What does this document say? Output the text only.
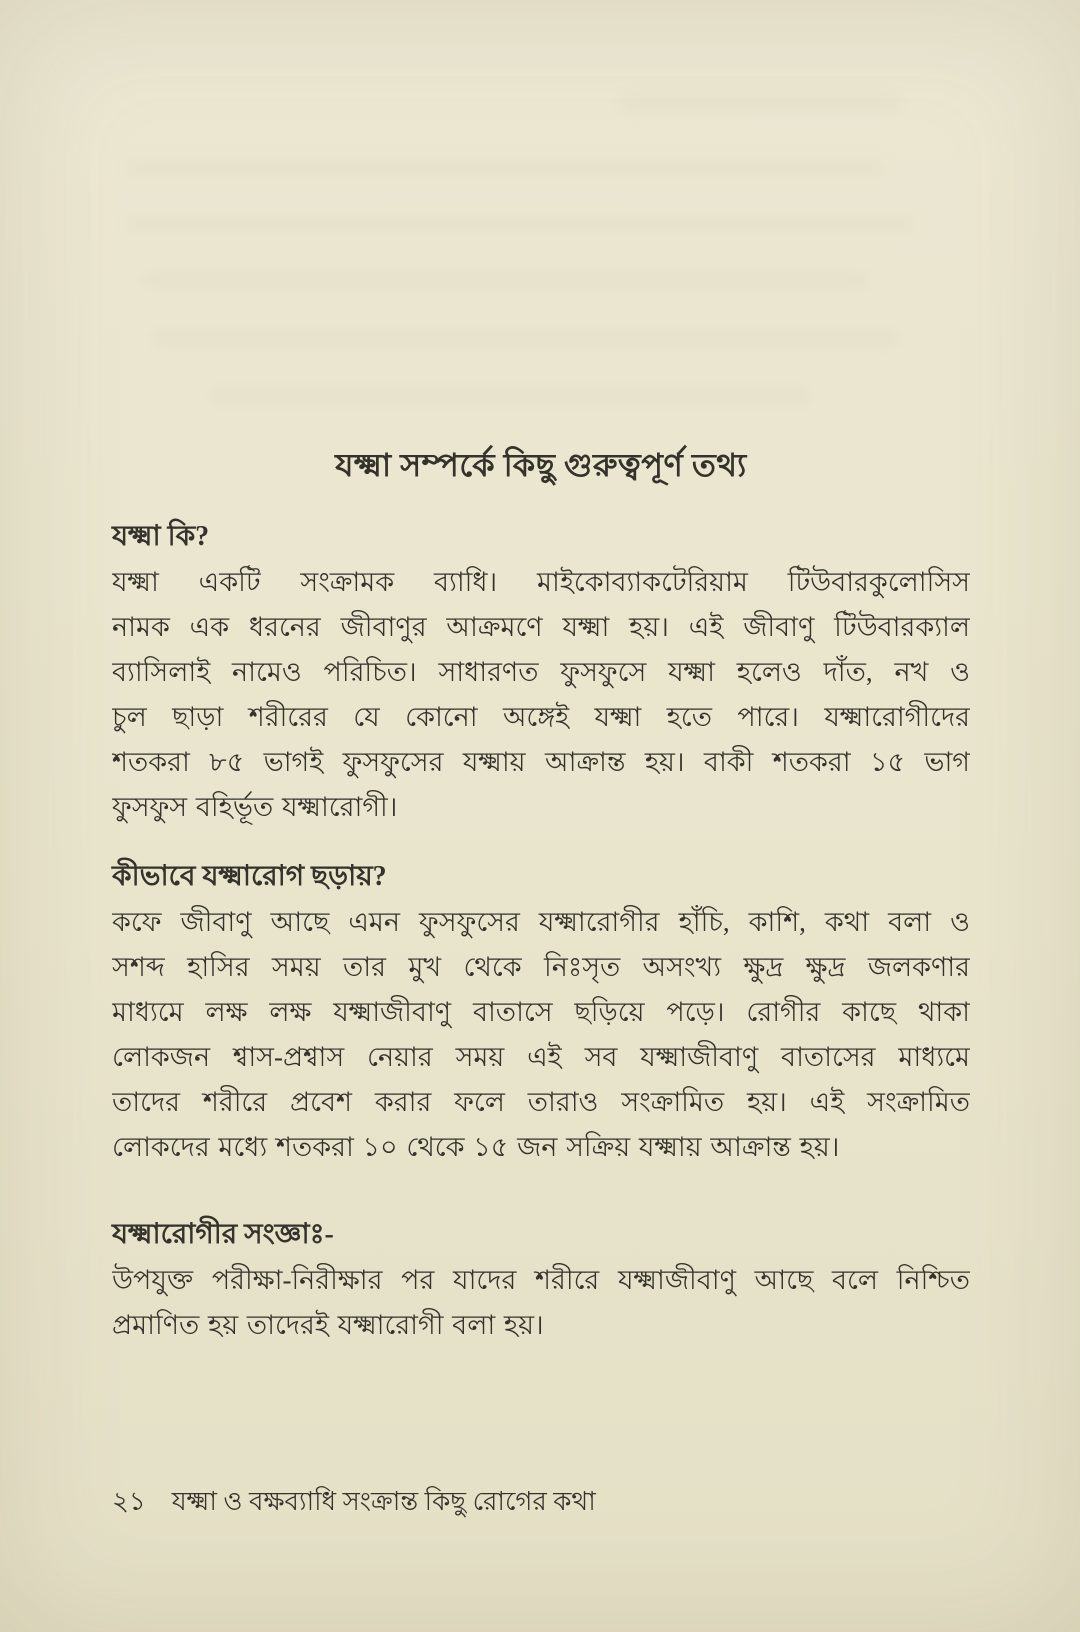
যক্ষ্মা সম্পর্কে কিছু গুরুত্বপূর্ণ তথ্য
যক্ষ্মা কি?
যক্ষ্মা একটি সংক্রামক ব্যাধি। মাইকোব্যাকটেরিয়াম টিউবারকুলোসিস
নামক এক ধরনের জীবাণুর আক্রমণে যক্ষ্মা হয়। এই জীবাণু টিউবারক্যাল
ব্যাসিলাই নামেও পরিচিত। সাধারণত ফুসফুসে যক্ষ্মা হলেও দাঁত, নখ ও
চুল ছাড়া শরীরের যে কোনো অঙ্গেই যক্ষ্মা হতে পারে। যক্ষ্মারোগীদের
শতকরা ৮৫ ভাগই ফুসফুসের যক্ষ্মায় আক্রান্ত হয়। বাকী শতকরা ১৫ ভাগ
ফুসফুস বহির্ভূত যক্ষ্মারোগী।
কীভাবে যক্ষ্মারোগ ছড়ায়?
কফে জীবাণু আছে এমন ফুসফুসের যক্ষ্মারোগীর হাঁচি, কাশি, কথা বলা ও
সশব্দ হাসির সময় তার মুখ থেকে নিঃসৃত অসংখ্য ক্ষুদ্র ক্ষুদ্র জলকণার
মাধ্যমে লক্ষ লক্ষ যক্ষ্মাজীবাণু বাতাসে ছড়িয়ে পড়ে। রোগীর কাছে থাকা
লোকজন শ্বাস-প্রশ্বাস নেয়ার সময় এই সব যক্ষ্মাজীবাণু বাতাসের মাধ্যমে
তাদের শরীরে প্রবেশ করার ফলে তারাও সংক্রামিত হয়। এই সংক্রামিত
লোকদের মধ্যে শতকরা ১০ থেকে ১৫ জন সক্রিয় যক্ষ্মায় আক্রান্ত হয়।
যক্ষ্মারোগীর সংজ্ঞাঃ-
উপযুক্ত পরীক্ষা-নিরীক্ষার পর যাদের শরীরে যক্ষ্মাজীবাণু আছে বলে নিশ্চিত
প্রমাণিত হয় তাদেরই যক্ষ্মারোগী বলা হয়।
২১ যক্ষ্মা ও বক্ষব্যাধি সংক্রান্ত কিছু রোগের কথা
